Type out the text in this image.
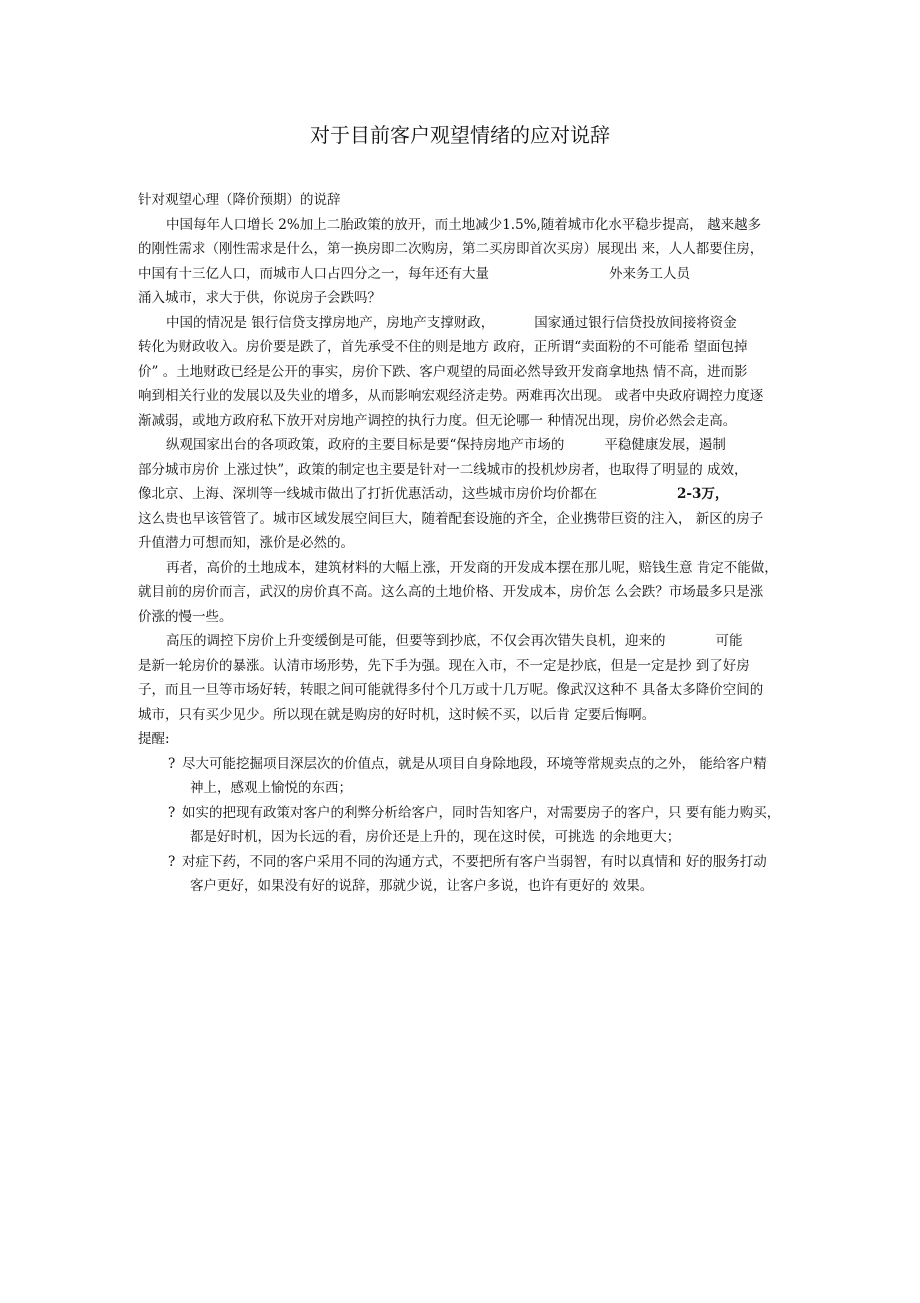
对于目前客户观望情绪的应对说辞
针对观望心理（降价预期）的说辞
中国每年人口增长 2%加上二胎政策的放开，而土地减少1.5%,随着城市化水平稳步提高， 越来越多
的刚性需求（刚性需求是什么，第一换房即二次购房，第二买房即首次买房）展现出 来，人人都要住房，
中国有十三亿人口，而城市人口占四分之一，每年还有大量	外来务工人员
涌入城市，求大于供，你说房子会跌吗？
中国的情况是 银行信贷支撑房地产，房地产支撑财政，	国家通过银行信贷投放间接将资金
转化为财政收入。房价要是跌了，首先承受不住的则是地方 政府，正所谓“卖面粉的不可能希 望面包掉
价” 。土地财政已经是公开的事实，房价下跌、客户观望的局面必然导致开发商拿地热 情不高，进而影
响到相关行业的发展以及失业的增多，从而影响宏观经济走势。两难再次出现。 或者中央政府调控力度逐
渐减弱，或地方政府私下放开对房地产调控的执行力度。但无论哪一 种情况出现，房价必然会走高。
纵观国家出台的各项政策，政府的主要目标是要“保持房地产市场的	平稳健康发展，遏制
部分城市房价 上涨过快”，政策的制定也主要是针对一二线城市的投机炒房者，也取得了明显的 成效，
像北京、上海、深圳等一线城市做出了打折优惠活动，这些城市房价均价都在	2-3万，
这么贵也早该管管了。城市区域发展空间巨大，随着配套设施的齐全，企业携带巨资的注入， 新区的房子
升值潜力可想而知，涨价是必然的。
再者，高价的土地成本，建筑材料的大幅上涨，开发商的开发成本摆在那儿呢，赔钱生意 肯定不能做，
就目前的房价而言，武汉的房价真不高。这么高的土地价格、开发成本，房价怎 么会跌？市场最多只是涨
价涨的慢一些。
高压的调控下房价上升变缓倒是可能，但要等到抄底，不仅会再次错失良机，迎来的	可能
是新一轮房价的暴涨。认清市场形势，先下手为强。现在入市，不一定是抄底，但是一定是抄 到了好房
子，而且一旦等市场好转，转眼之间可能就得多付个几万或十几万呢。像武汉这种不 具备太多降价空间的
城市，只有买少见少。所以现在就是购房的好时机，这时候不买，以后肯 定要后悔啊。
提醒:
? 尽大可能挖掘项目深层次的价值点，就是从项目自身除地段，环境等常规卖点的之外， 能给客户精
神上，感观上愉悦的东西；
? 如实的把现有政策对客户的利弊分析给客户，同时告知客户，对需要房子的客户，只 要有能力购买，
都是好时机，因为长远的看，房价还是上升的，现在这时侯，可挑选 的余地更大；
? 对症下药，不同的客户采用不同的沟通方式，不要把所有客户当弱智，有时以真情和 好的服务打动
客户更好，如果没有好的说辞，那就少说，让客户多说，也许有更好的 效果。
